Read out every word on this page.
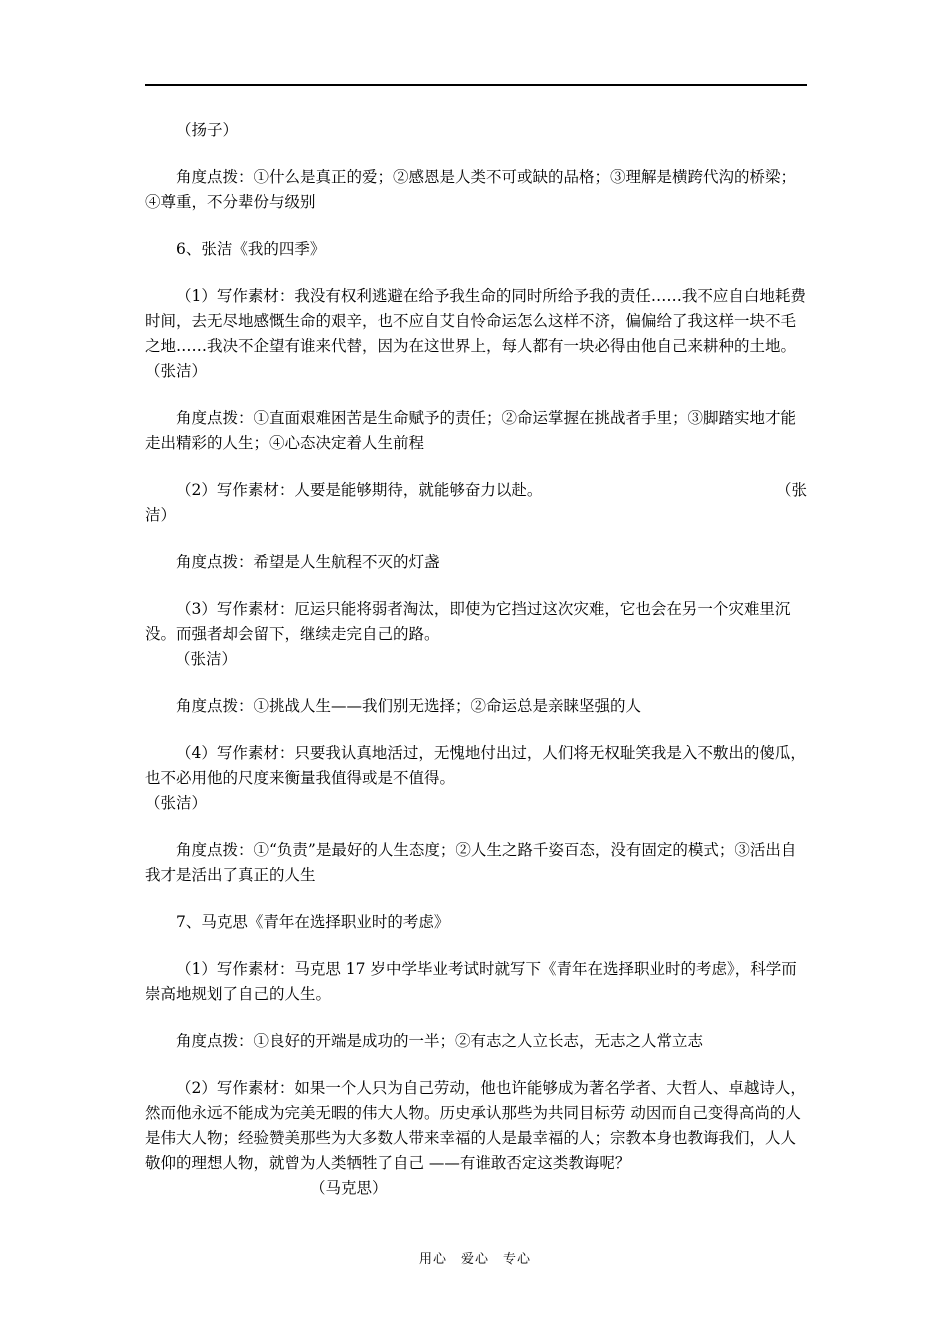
（扬子）

角度点拨：①什么是真正的爱；②感恩是人类不可或缺的品格；③理解是横跨代沟的桥梁；④尊重，不分辈份与级别

6、张洁《我的四季》

（1）写作素材：我没有权利逃避在给予我生命的同时所给予我的责任……我不应自白地耗费时间，去无尽地感慨生命的艰辛，也不应自艾自怜命运怎么这样不济，偏偏给了我这样一块不毛之地……我决不企望有谁来代替，因为在这世界上，每人都有一块必得由他自己来耕种的土地。　　　（张洁）

角度点拨：①直面艰难困苦是生命赋予的责任；②命运掌握在挑战者手里；③脚踏实地才能走出精彩的人生；④心态决定着人生前程

（2）写作素材：人要是能够期待，就能够奋力以赴。	（张
洁）

角度点拨：希望是人生航程不灭的灯盏

（3）写作素材：厄运只能将弱者淘汰，即使为它挡过这次灾难，它也会在另一个灾难里沉没。而强者却会留下，继续走完自己的路。

（张洁）

角度点拨：①挑战人生——我们别无选择；②命运总是亲睐坚强的人

（4）写作素材：只要我认真地活过，无愧地付出过，人们将无权耻笑我是入不敷出的傻瓜，也不必用他的尺度来衡量我值得或是不值得。

（张洁）

角度点拨：①“负责”是最好的人生态度；②人生之路千姿百态，没有固定的模式；③活出自我才是活出了真正的人生

7、马克思《青年在选择职业时的考虑》

（1）写作素材：马克思 17 岁中学毕业考试时就写下《青年在选择职业时的考虑》，科学而崇高地规划了自己的人生。

角度点拨：①良好的开端是成功的一半；②有志之人立长志，无志之人常立志

（2）写作素材：如果一个人只为自己劳动，他也许能够成为著名学者、大哲人、卓越诗人，然而他永远不能成为完美无暇的伟大人物。历史承认那些为共同目标劳 动因而自己变得高尚的人是伟大人物；经验赞美那些为大多数人带来幸福的人是最幸福的人；宗教本身也教诲我们，人人敬仰的理想人物，就曾为人类牺牲了自己 ——有谁敢否定这类教诲呢？

（马克思）
用心　爱心　专心
